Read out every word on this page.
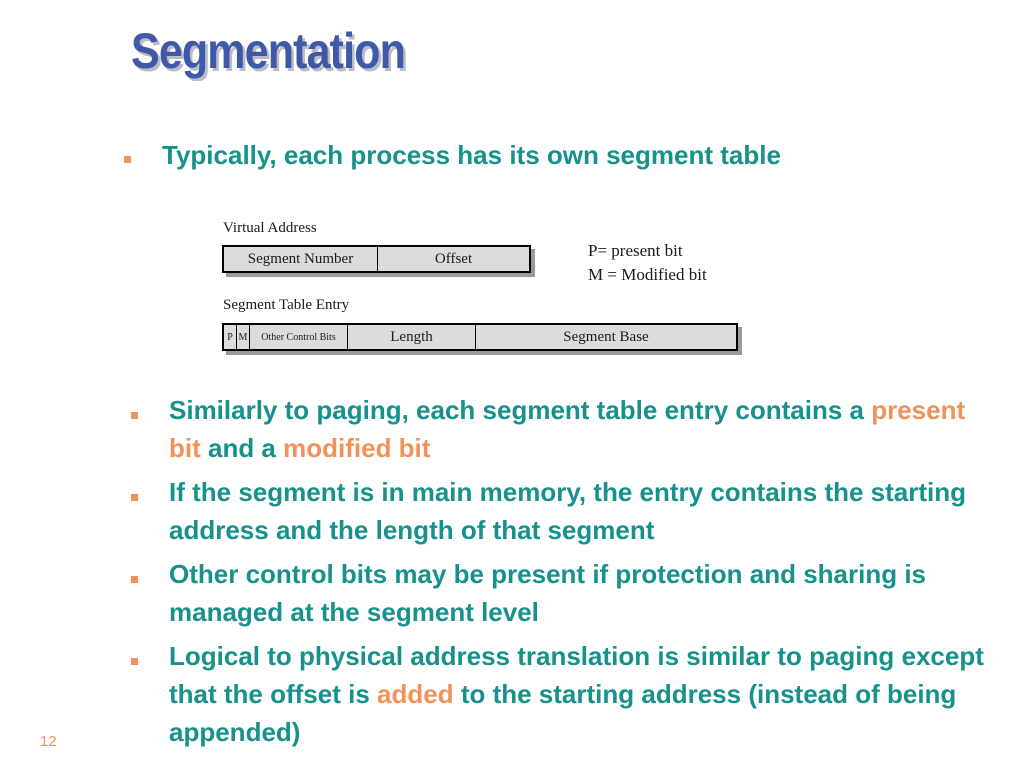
Segmentation
Typically, each process has its own segment table
Virtual Address
Segment Number	Offset	P= present bit
M = Modified bit
Segment Table Entry
P M	Other Control Bits	Length	Segment Base
Similarly to paging, each segment table entry contains a present bit and a modified bit
If the segment is in main memory, the entry contains the starting address and the length of that segment
Other control bits may be present if protection and sharing is managed at the segment level
Logical to physical address translation is similar to paging except that the offset is added to the starting address (instead of being appended)
12
